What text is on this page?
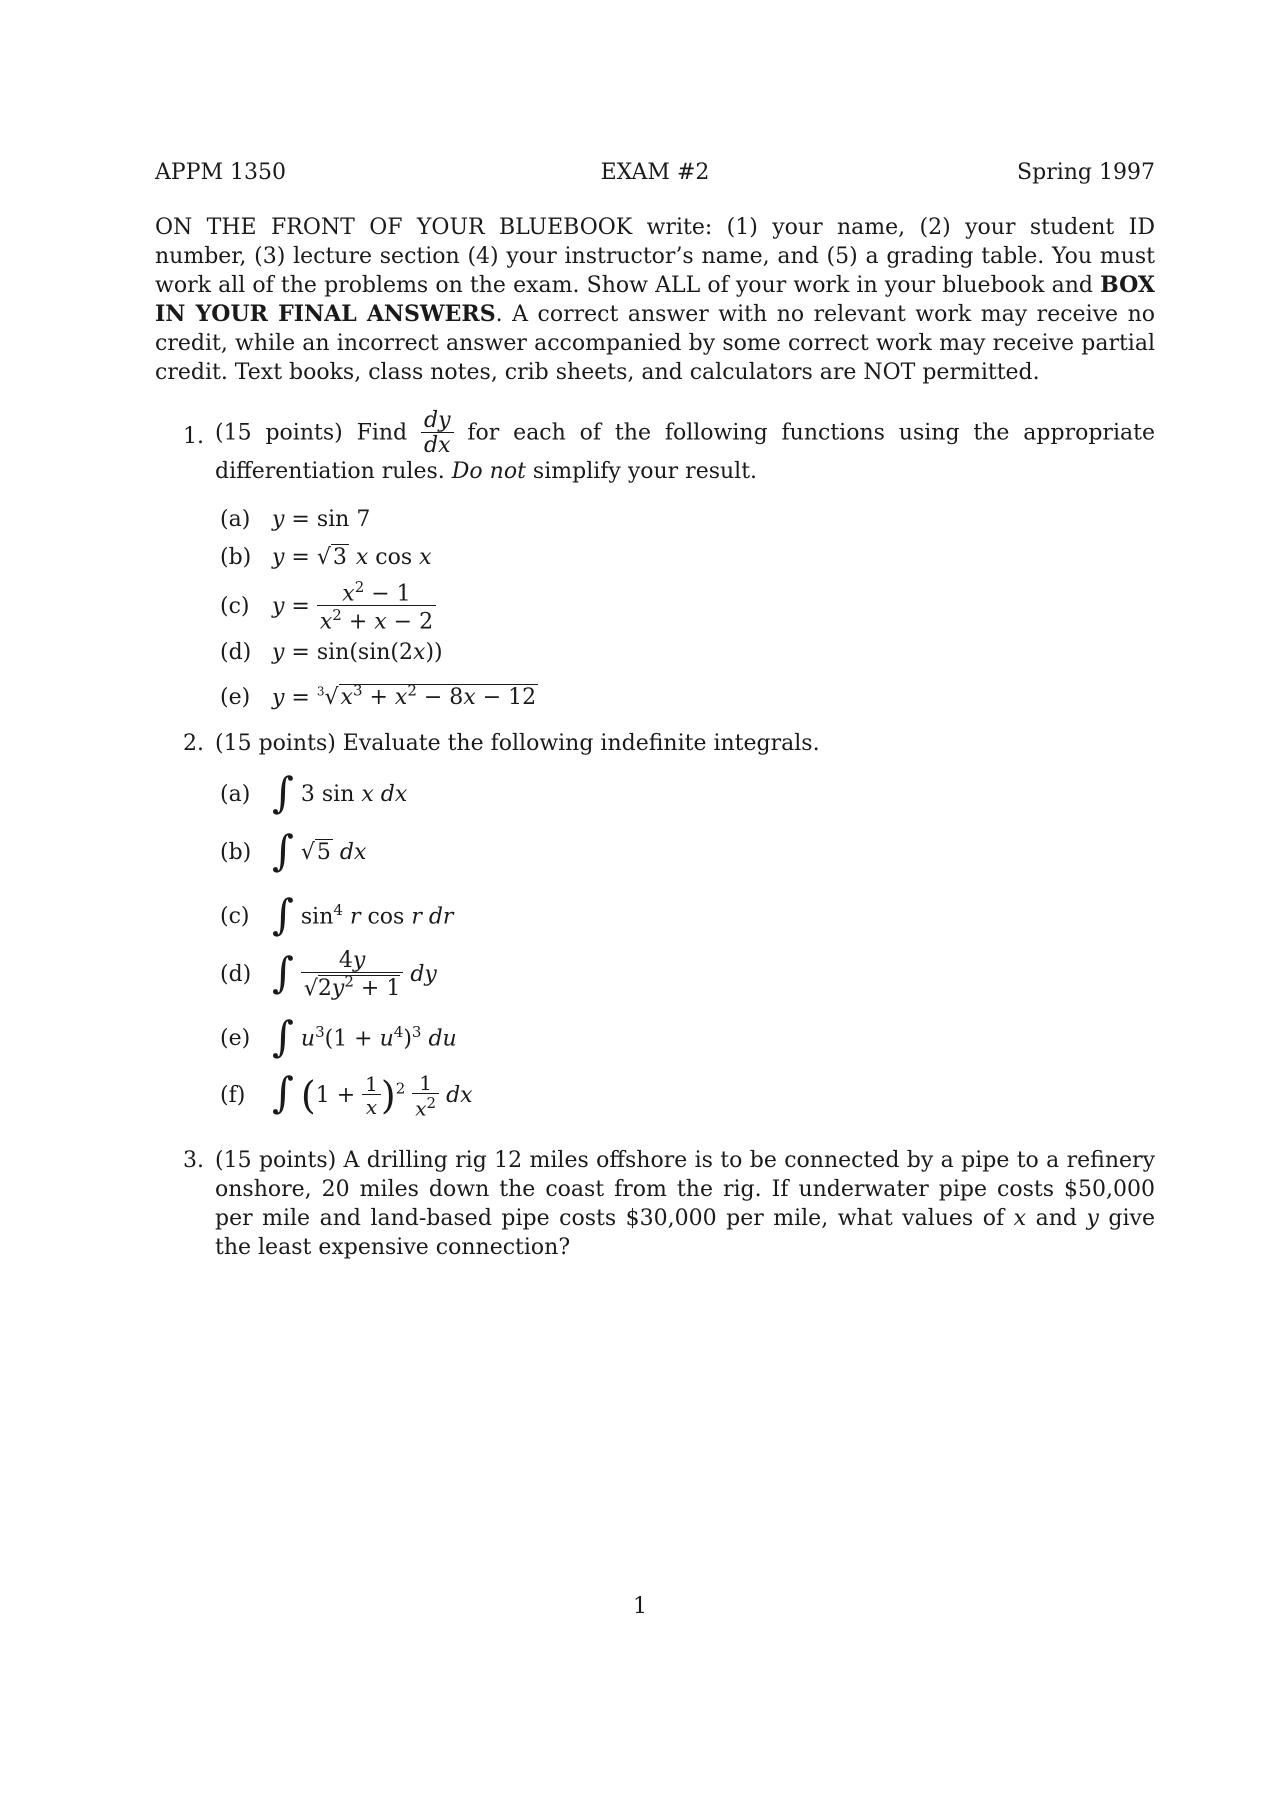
APPM 1350	EXAM #2	Spring 1997
ON THE FRONT OF YOUR BLUEBOOK write: (1) your name, (2) your student ID number, (3) lecture section (4) your instructor’s name, and (5) a grading table. You must work all of the problems on the exam. Show ALL of your work in your bluebook and BOX IN YOUR FINAL ANSWERS. A correct answer with no relevant work may receive no credit, while an incorrect answer accompanied by some correct work may receive partial credit. Text books, class notes, crib sheets, and calculators are NOT permitted.
1. (15 points) Find $\frac{dy}{dx}$ for each of the following functions using the appropriate differentiation rules. Do not simplify your result.
(a) y = sin 7
(b) y = √3 x cos x
(c) $y = \frac{x^2 - 1}{x^2 + x - 2}$
(d) y = sin(sin(2x))
(e) $y = ^3√x^3 + x^2 - 8x - 12$
2. (15 points) Evaluate the following indefinite integrals.
(a) ∫ 3 sin x dx
(b) ∫ √5 dx
(c) ∫ $\sin^4 r$ cos r dr
(d) ∫ $\frac{4y}{√2y^2 + 1}$ dy
(e) ∫ $u^3(1 + u^4)^3$ du
(f) ∫ $(1 + \frac{1}{x} )^2 \frac{1}{x^2}$ dx
3. (15 points) A drilling rig 12 miles offshore is to be connected by a pipe to a refinery onshore, 20 miles down the coast from the rig. If underwater pipe costs $50,000 per mile and land-based pipe costs $30,000 per mile, what values of x and y give the least expensive connection?
1
